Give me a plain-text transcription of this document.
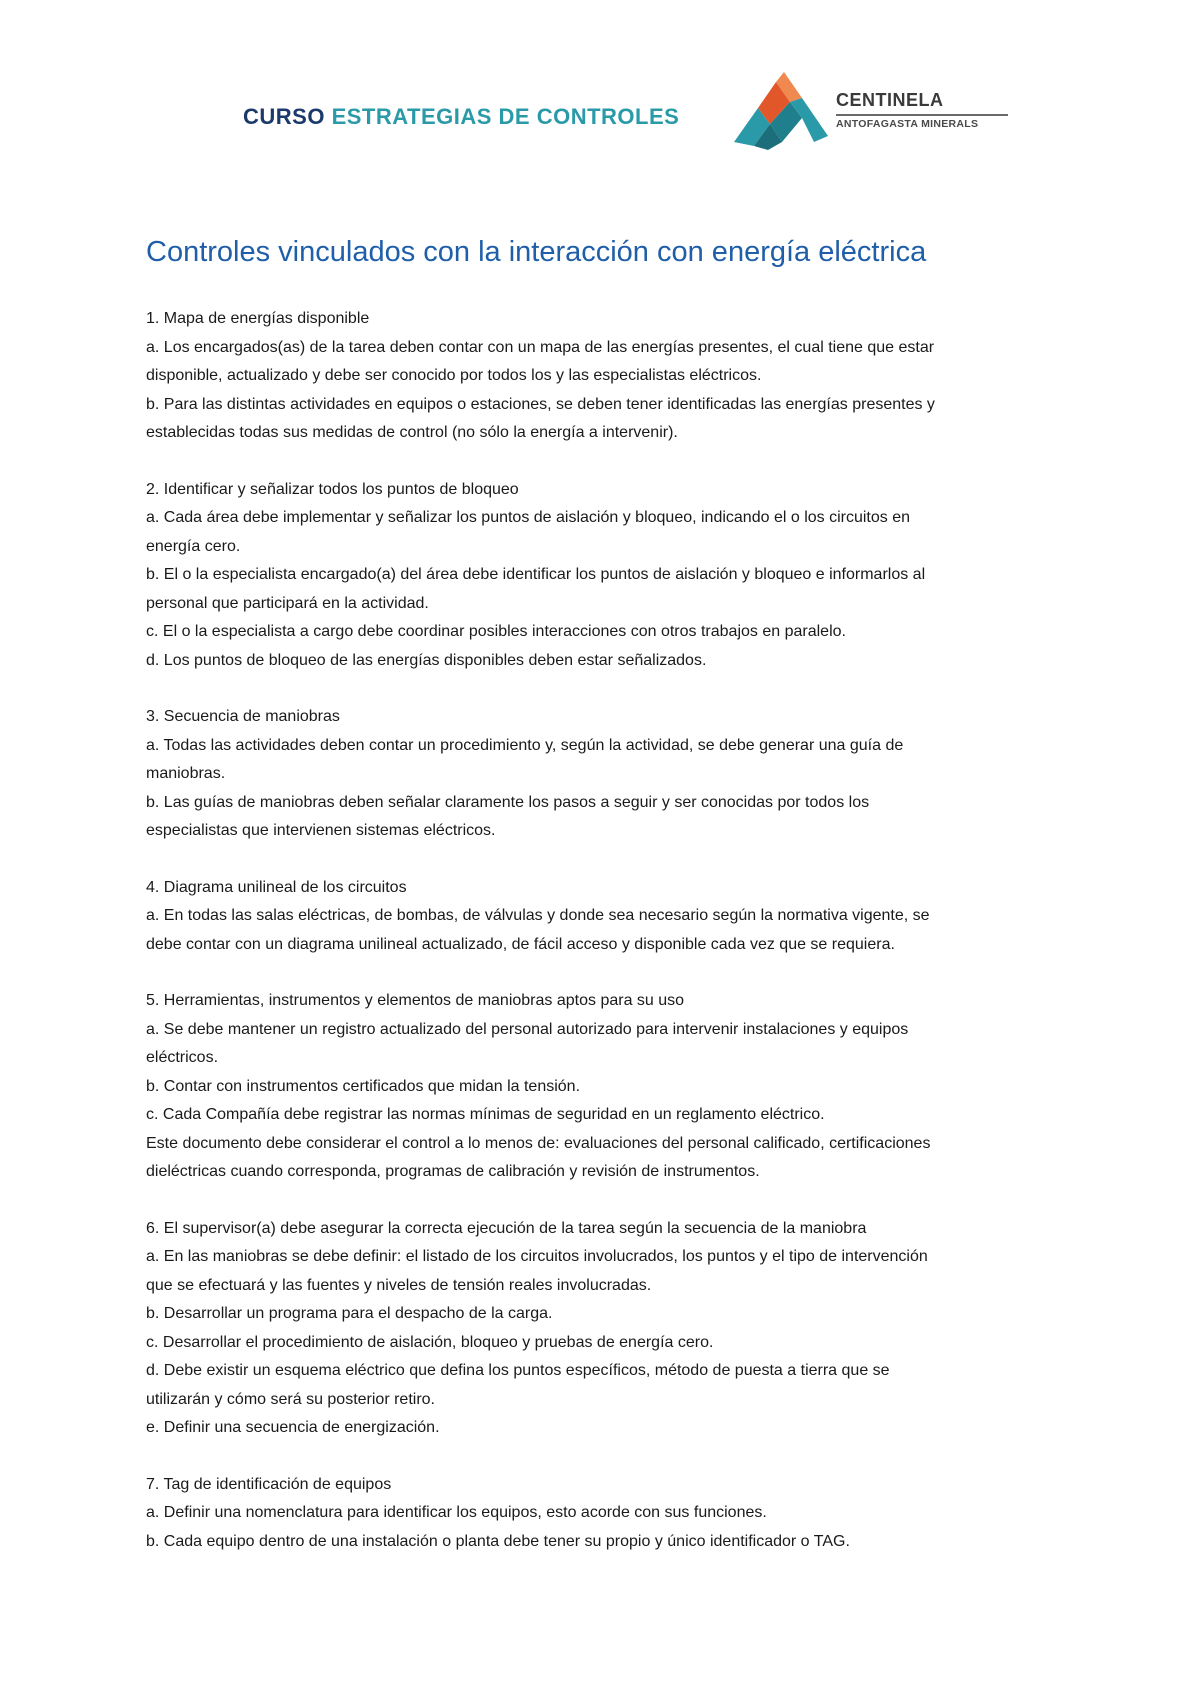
CURSO ESTRATEGIAS DE CONTROLES
CENTINELA
ANTOFAGASTA MINERALS
Controles vinculados con la interacción con energía eléctrica

1. Mapa de energías disponible

a. Los encargados(as) de la tarea deben contar con un mapa de las energías presentes, el cual tiene que estar

disponible, actualizado y debe ser conocido por todos los y las especialistas eléctricos.

b. Para las distintas actividades en equipos o estaciones, se deben tener identificadas las energías presentes y

establecidas todas sus medidas de control (no sólo la energía a intervenir).

2. Identificar y señalizar todos los puntos de bloqueo

a. Cada área debe implementar y señalizar los puntos de aislación y bloqueo, indicando el o los circuitos en

energía cero.

b. El o la especialista encargado(a) del área debe identificar los puntos de aislación y bloqueo e informarlos al

personal que participará en la actividad.

c. El o la especialista a cargo debe coordinar posibles interacciones con otros trabajos en paralelo.

d. Los puntos de bloqueo de las energías disponibles deben estar señalizados.

3. Secuencia de maniobras

a. Todas las actividades deben contar un procedimiento y, según la actividad, se debe generar una guía de

maniobras.

b. Las guías de maniobras deben señalar claramente los pasos a seguir y ser conocidas por todos los

especialistas que intervienen sistemas eléctricos.

4. Diagrama unilineal de los circuitos

a. En todas las salas eléctricas, de bombas, de válvulas y donde sea necesario según la normativa vigente, se

debe contar con un diagrama unilineal actualizado, de fácil acceso y disponible cada vez que se requiera.

5. Herramientas, instrumentos y elementos de maniobras aptos para su uso

a. Se debe mantener un registro actualizado del personal autorizado para intervenir instalaciones y equipos

eléctricos.

b. Contar con instrumentos certificados que midan la tensión.

c. Cada Compañía debe registrar las normas mínimas de seguridad en un reglamento eléctrico.

Este documento debe considerar el control a lo menos de: evaluaciones del personal calificado, certificaciones

dieléctricas cuando corresponda, programas de calibración y revisión de instrumentos.

6. El supervisor(a) debe asegurar la correcta ejecución de la tarea según la secuencia de la maniobra

a. En las maniobras se debe definir: el listado de los circuitos involucrados, los puntos y el tipo de intervención

que se efectuará y las fuentes y niveles de tensión reales involucradas.

b. Desarrollar un programa para el despacho de la carga.

c. Desarrollar el procedimiento de aislación, bloqueo y pruebas de energía cero.

d. Debe existir un esquema eléctrico que defina los puntos específicos, método de puesta a tierra que se

utilizarán y cómo será su posterior retiro.

e. Definir una secuencia de energización.

7. Tag de identificación de equipos

a. Definir una nomenclatura para identificar los equipos, esto acorde con sus funciones.

b. Cada equipo dentro de una instalación o planta debe tener su propio y único identificador o TAG.
